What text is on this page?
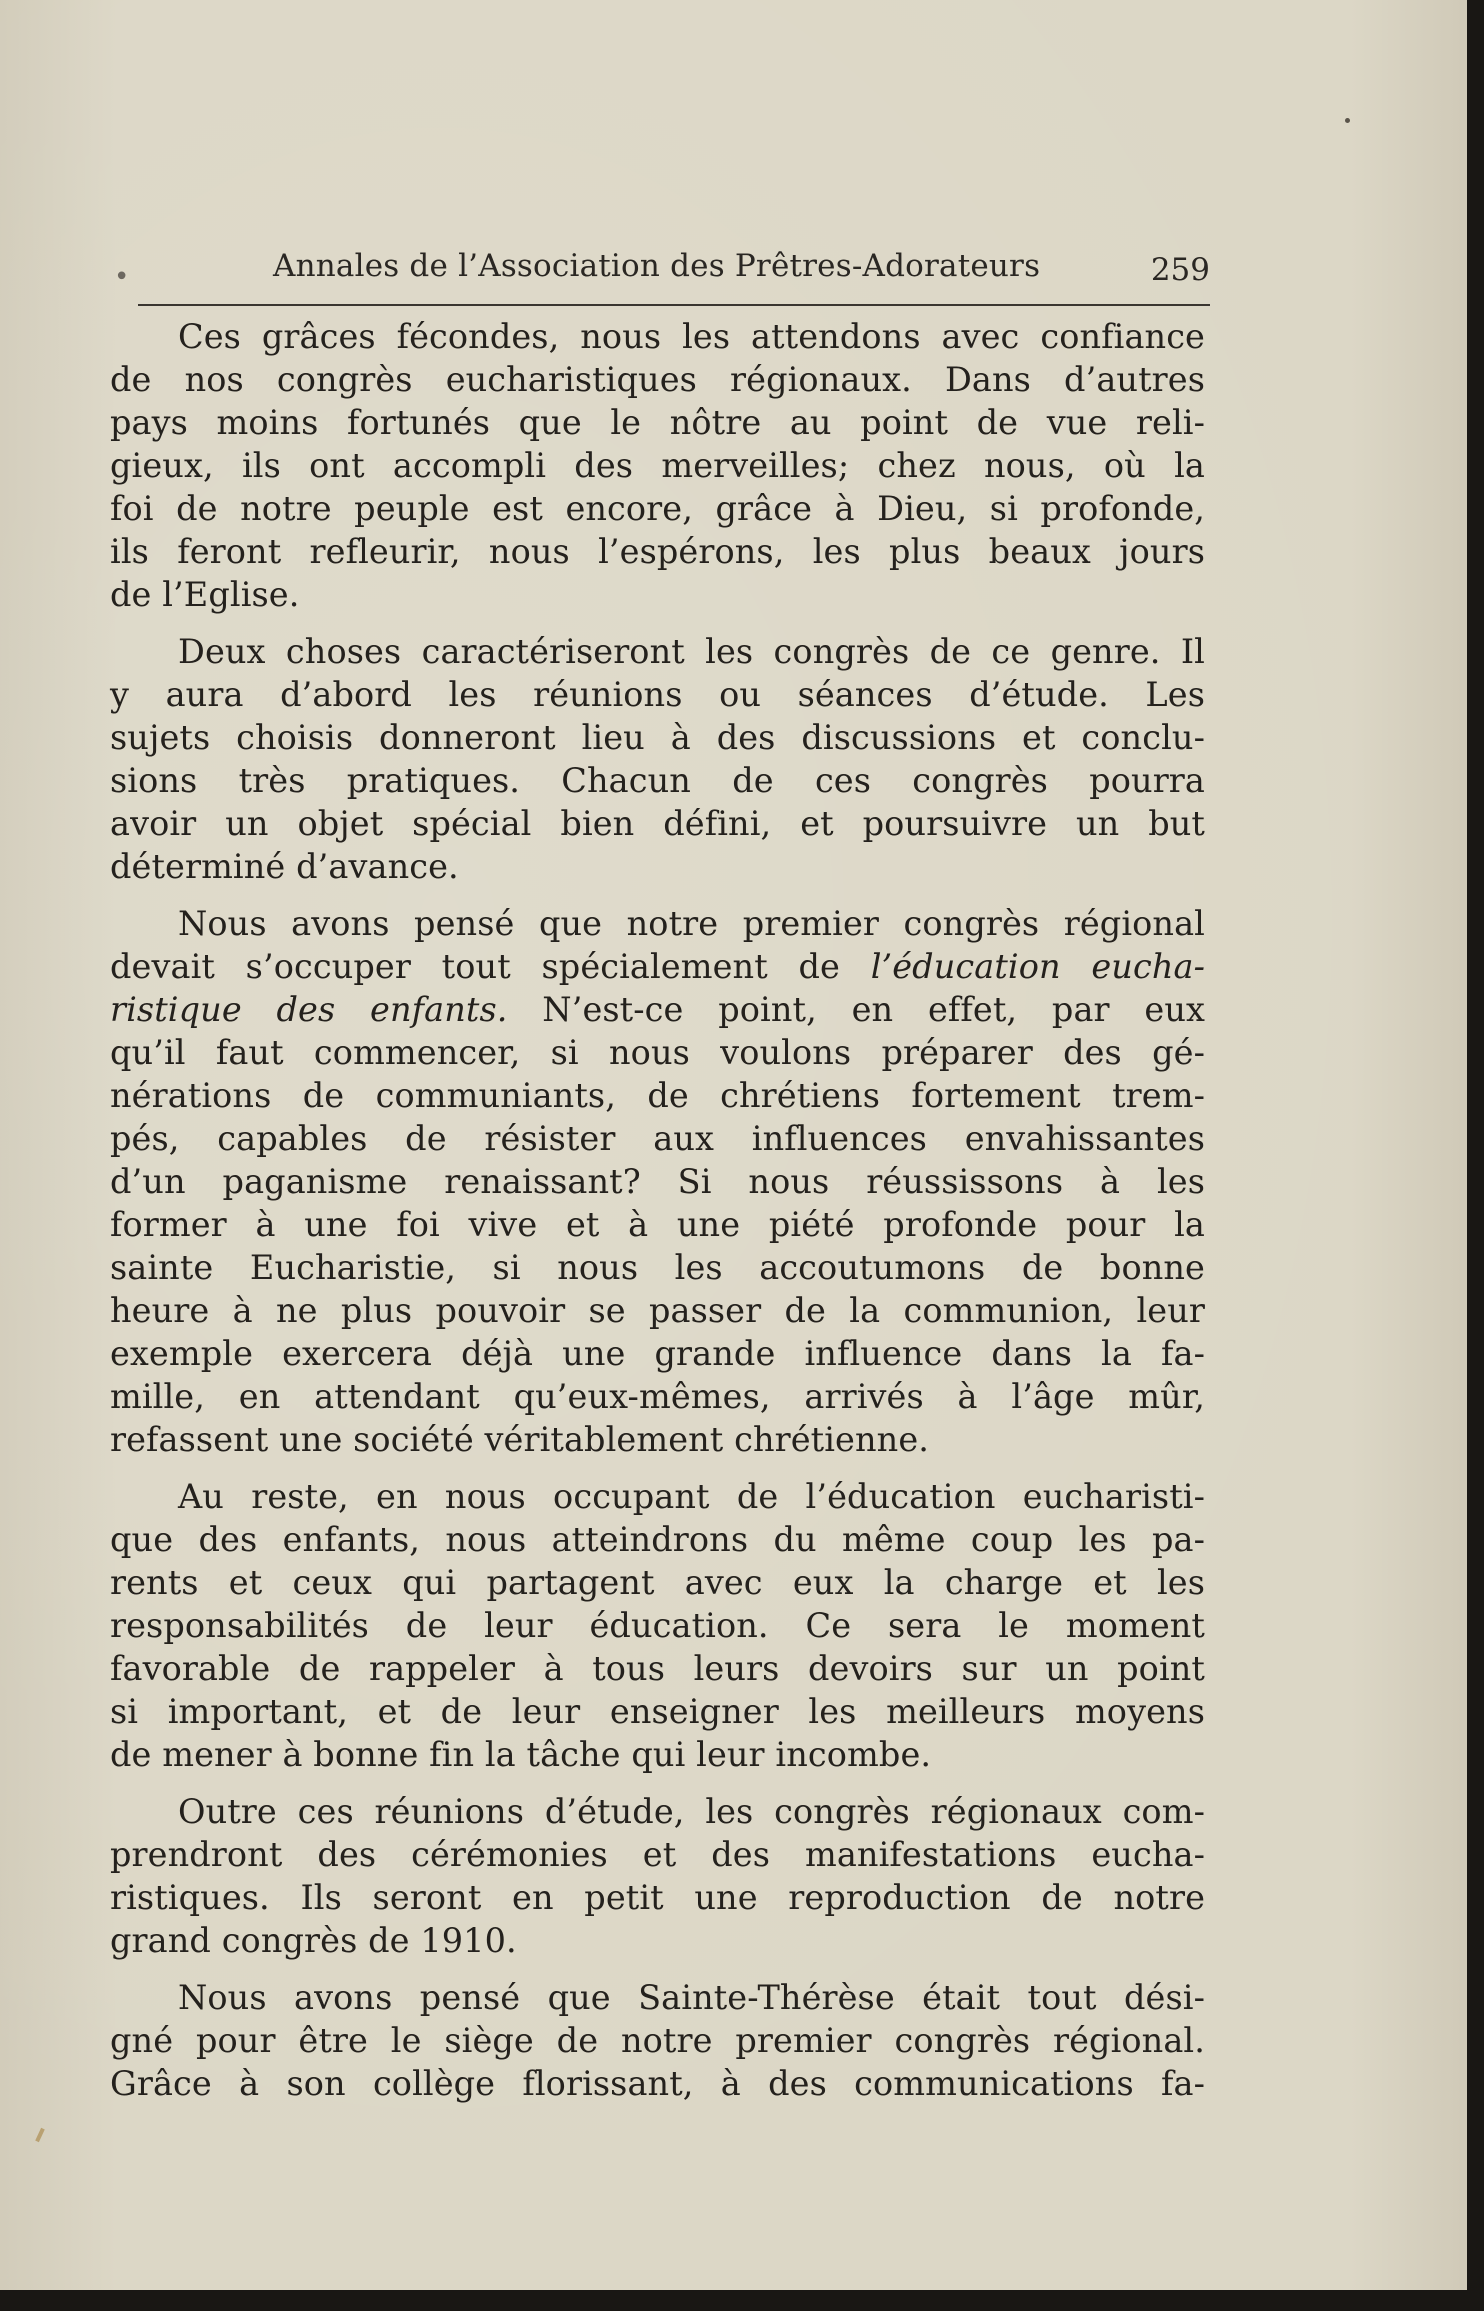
•	Annales de l’Association des Prêtres-Adorateurs	259

Ces grâces fécondes, nous les attendons avec confiance
de nos congrès eucharistiques régionaux. Dans d’autres
pays moins fortunés que le nôtre au point de vue reli-
gieux, ils ont accompli des merveilles; chez nous, où la
foi de notre peuple est encore, grâce à Dieu, si profonde,
ils feront refleurir, nous l’espérons, les plus beaux jours
de l’Eglise.

Deux choses caractériseront les congrès de ce genre. Il
y aura d’abord les réunions ou séances d’étude. Les
sujets choisis donneront lieu à des discussions et conclu-
sions très pratiques. Chacun de ces congrès pourra
avoir un objet spécial bien défini, et poursuivre un but
déterminé d’avance.

Nous avons pensé que notre premier congrès régional
devait s’occuper tout spécialement de l’éducation eucha-
ristique des enfants. N’est-ce point, en effet, par eux
qu’il faut commencer, si nous voulons préparer des gé-
nérations de communiants, de chrétiens fortement trem-
pés, capables de résister aux influences envahissantes
d’un paganisme renaissant? Si nous réussissons à les
former à une foi vive et à une piété profonde pour la
sainte Eucharistie, si nous les accoutumons de bonne
heure à ne plus pouvoir se passer de la communion, leur
exemple exercera déjà une grande influence dans la fa-
mille, en attendant qu’eux-mêmes, arrivés à l’âge mûr,
refassent une société véritablement chrétienne.

Au reste, en nous occupant de l’éducation eucharisti-
que des enfants, nous atteindrons du même coup les pa-
rents et ceux qui partagent avec eux la charge et les
responsabilités de leur éducation. Ce sera le moment
favorable de rappeler à tous leurs devoirs sur un point
si important, et de leur enseigner les meilleurs moyens
de mener à bonne fin la tâche qui leur incombe.

Outre ces réunions d’étude, les congrès régionaux com-
prendront des cérémonies et des manifestations eucha-
ristiques. Ils seront en petit une reproduction de notre
grand congrès de 1910.

Nous avons pensé que Sainte-Thérèse était tout dési-
gné pour être le siège de notre premier congrès régional.
Grâce à son collège florissant, à des communications fa-
